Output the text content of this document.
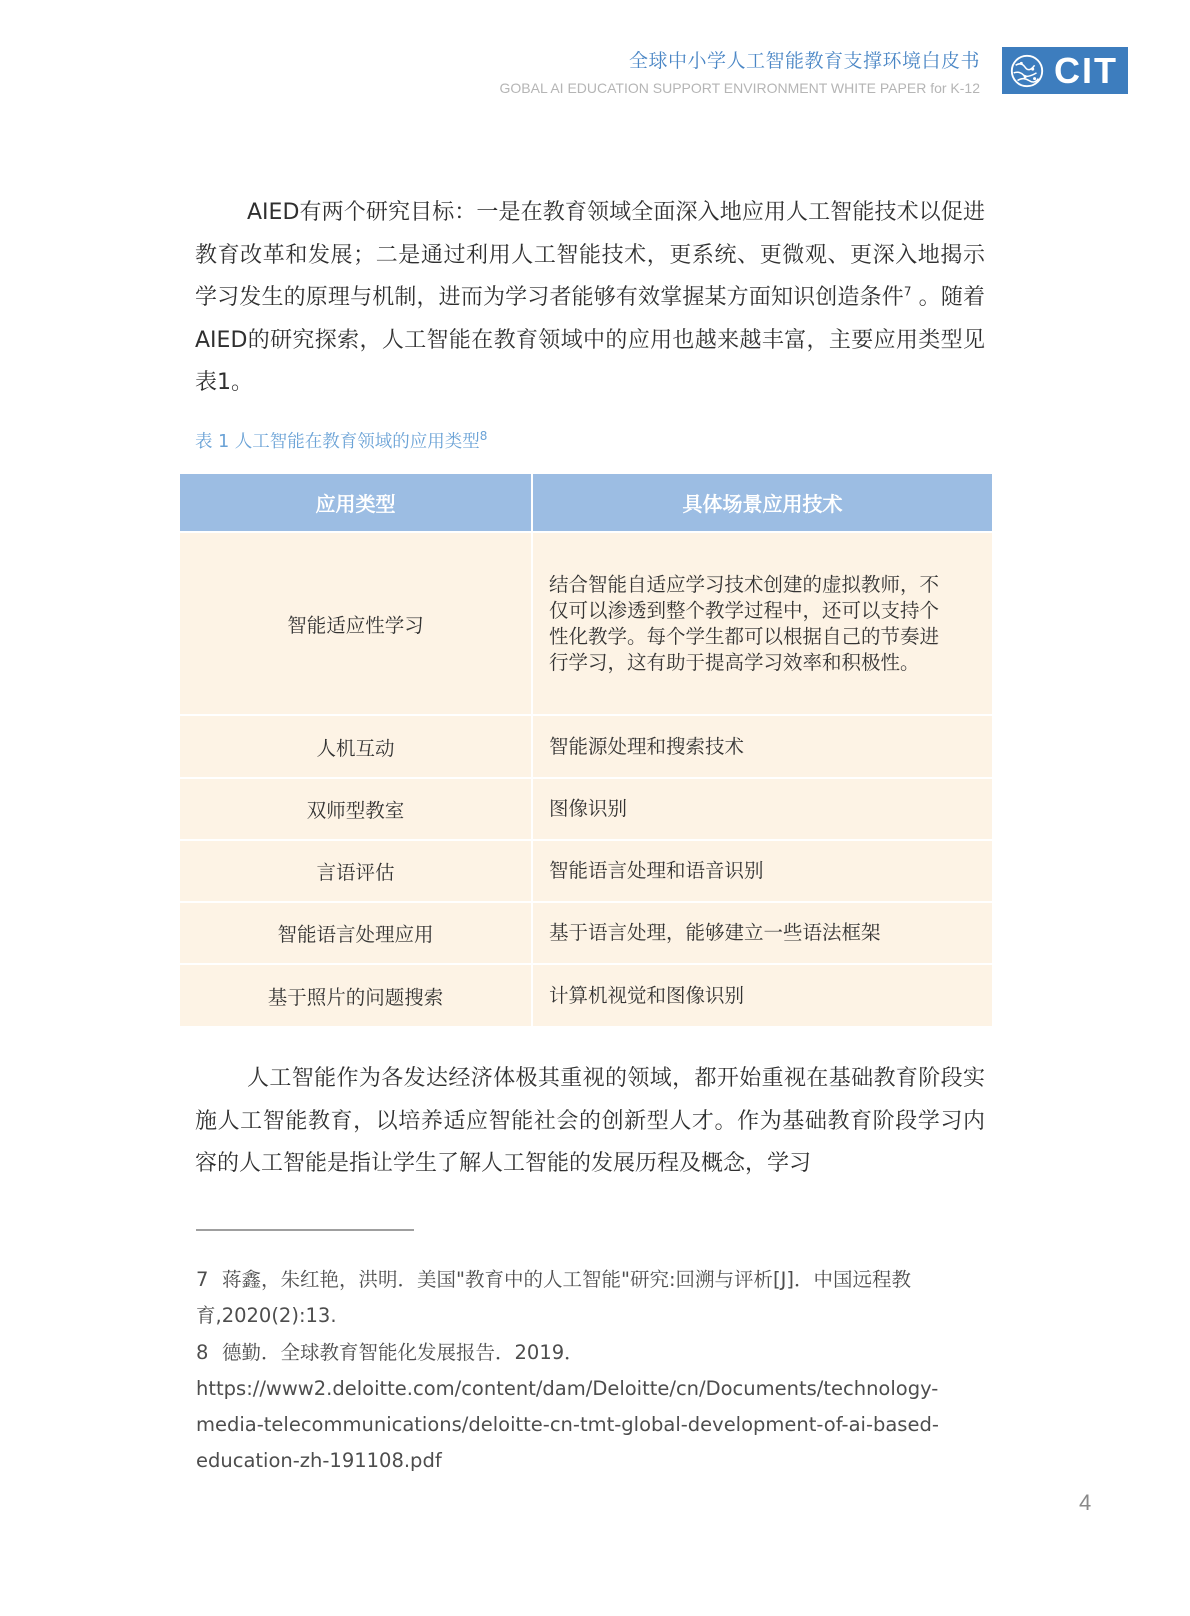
全球中小学人工智能教育支撑环境白皮书
GOBAL AI EDUCATION SUPPORT ENVIRONMENT WHITE PAPER for K-12 CIT

AIED有两个研究目标：一是在教育领域全面深入地应用人工智能技术以促进教育改革和发展；二是通过利用人工智能技术，更系统、更微观、更深入地揭示学习发生的原理与机制，进而为学习者能够有效掌握某方面知识创造条件$^7$ 。随着AIED的研究探索，人工智能在教育领域中的应用也越来越丰富，主要应用类型见表1。

表 1 人工智能在教育领域的应用类型$^8$
应用类型	具体场景应用技术
智能适应性学习	结合智能自适应学习技术创建的虚拟教师，不仅可以渗透到整个教学过程中，还可以支持个性化教学。每个学生都可以根据自己的节奏进行学习，这有助于提高学习效率和积极性。
人机互动	智能源处理和搜索技术
双师型教室	图像识别
言语评估	智能语言处理和语音识别
智能语言处理应用	基于语言处理，能够建立一些语法框架
基于照片的问题搜索	计算机视觉和图像识别

人工智能作为各发达经济体极其重视的领域，都开始重视在基础教育阶段实施人工智能教育，以培养适应智能社会的创新型人才。作为基础教育阶段学习内容的人工智能是指让学生了解人工智能的发展历程及概念，学习

7 蒋鑫，朱红艳，洪明．美国"教育中的人工智能"研究:回溯与评析[J]．中国远程教育,2020(2):13.

8 德勤．全球教育智能化发展报告．2019．https://www2.deloitte.com/content/dam/Deloitte/cn/Documents/technology-media-telecommunications/deloitte-cn-tmt-global-development-of-ai-based-education-zh-191108.pdf

4
